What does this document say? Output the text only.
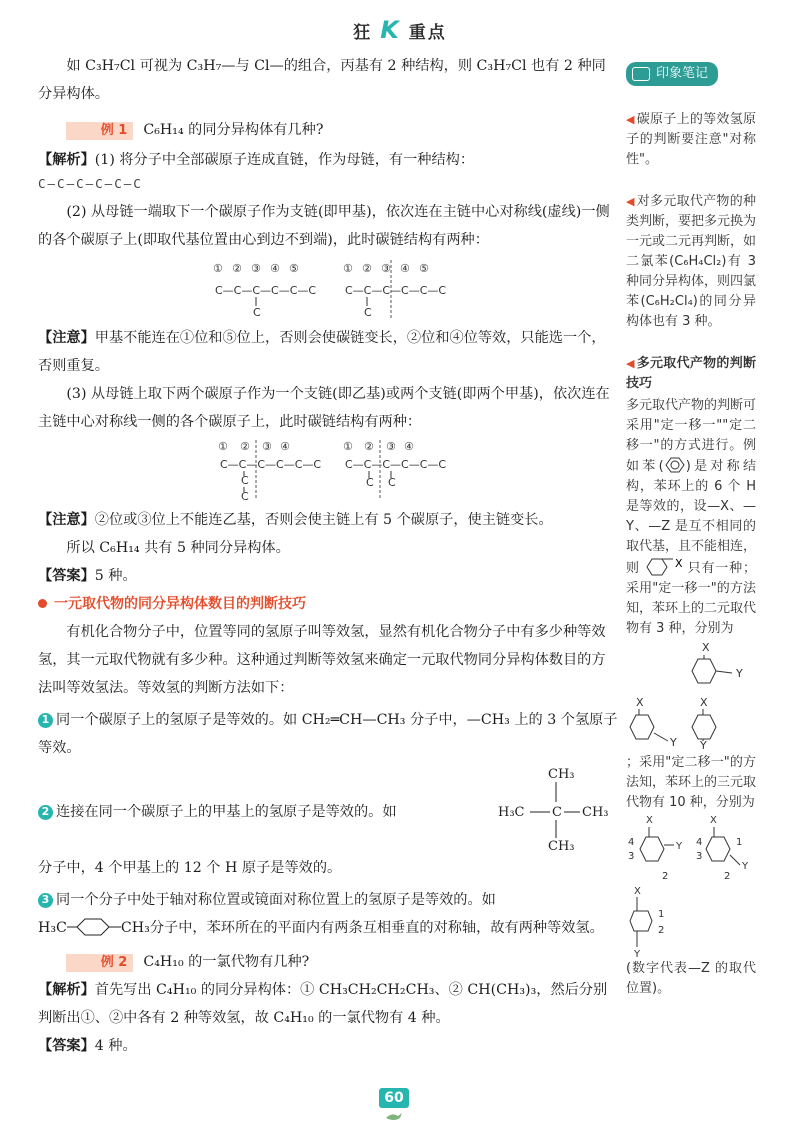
狂 K 重点

如 C₃H₇Cl 可视为 C₃H₇—与 Cl—的组合，丙基有 2 种结构，则 C₃H₇Cl 也有 2 种同分异构体。

例 1 C₆H₁₄ 的同分异构体有几种?

【解析】(1) 将分子中全部碳原子连成直链，作为母链，有一种结构：

C—C—C—C—C—C

(2) 从母链一端取下一个碳原子作为支链(即甲基)，依次连在主链中心对称线(虚线)一侧的各个碳原子上(即取代基位置由心到边不到端)，此时碳链结构有两种：

① ② ③ ④ ⑤
C—C—C—C—C—C
C
① ② ③ ④ ⑤
C—C—C—C—C—C
C

【注意】甲基不能连在①位和⑤位上，否则会使碳链变长，②位和④位等效，只能选一个，否则重复。

(3) 从母链上取下两个碳原子作为一个支链(即乙基)或两个支链(即两个甲基)，依次连在主链中心对称线一侧的各个碳原子上，此时碳链结构有两种：

① ② ③ ④
C—C—C—C—C—C
C
C
① ② ③ ④
C—C—C—C—C—C
C C

【注意】②位或③位上不能连乙基，否则会使主链上有 5 个碳原子，使主链变长。

所以 C₆H₁₄ 共有 5 种同分异构体。

【答案】5 种。

一元取代物的同分异构体数目的判断技巧

有机化合物分子中，位置等同的氢原子叫等效氢，显然有机化合物分子中有多少种等效氢，其一元取代物就有多少种。这种通过判断等效氢来确定一元取代物同分异构体数目的方法叫等效氢法。等效氢的判断方法如下：

1 同一个碳原子上的氢原子是等效的。如 CH₂═CH—CH₃ 分子中，—CH₃ 上的 3 个氢原子等效。

2 连接在同一个碳原子上的甲基上的氢原子是等效的。如

CH₃
H₃C C CH₃
CH₃

分子中，4 个甲基上的 12 个 H 原子是等效的。

3 同一个分子中处于轴对称位置或镜面对称位置上的氢原子是等效的。如

H₃C	CH₃分子中，苯环所在的平面内有两条互相垂直的对称轴，故有两种等效氢。

例 2 C₄H₁₀ 的一氯代物有几种?

【解析】首先写出 C₄H₁₀ 的同分异构体：① CH₃CH₂CH₂CH₃、② CH(CH₃)₃，然后分别判断出①、②中各有 2 种等效氢，故 C₄H₁₀ 的一氯代物有 4 种。

【答案】4 种。

印象笔记
◀ 碳原子上的等效氢原子的判断要注意"对称性"。
◀ 对多元取代产物的种类判断，要把多元换为一元或二元再判断，如二氯苯(C₆H₄Cl₂)有 3 种同分异构体，则四氯苯(C₆H₂Cl₄)的同分异构体也有 3 种。
◀ 多元取代产物的判断技巧
多元取代产物的判断可采用"定一移一""定二移一"的方式进行。例如苯( )是对称结构，苯环上的 6 个 H 是等效的，设—X、—Y、—Z 是互不相同的取代基，且不能相连，则	X 只有一种；采用"定一移一"的方法知，苯环上的二元取代物有 3 种，分别为
X
Y
X
Y
X
Y
；采用"定二移一"的方法知，苯环上的三元取代物有 10 种，分别为
X
Y
4
3
2
X
Y
4
3
1
2
X
Y
1
2
(数字代表—Z 的取代位置)。
60
